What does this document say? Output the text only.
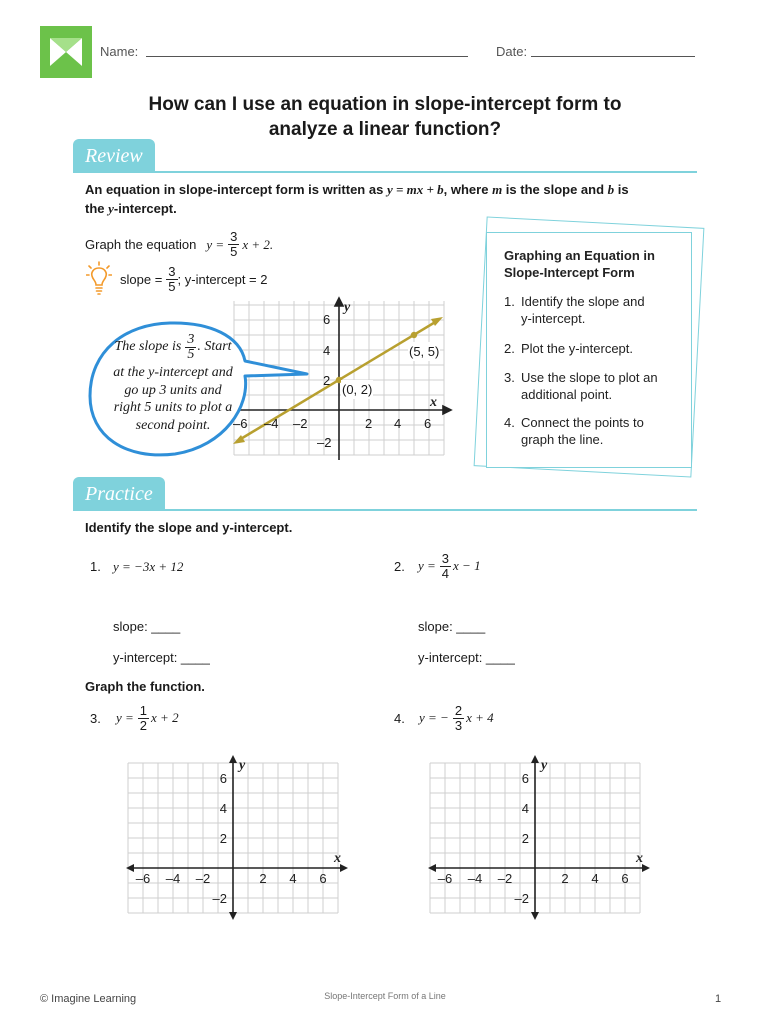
Name:	Date:
How can I use an equation in slope-intercept form to
analyze a linear function?
Review
An equation in slope-intercept form is written as y = mx + b, where m is the slope and b is
the y-intercept.
Graph the equation $y = \frac{3}{5}$ x + 2.
slope = $\frac{3}{5}$ ; y-intercept = 2
6
4
2
–2
y
x
–6 –4 –2	2 4 6
(0, 2)
(5, 5)
The slope is $\frac{3}{5}$ . Start
at the y-intercept and
go up 3 units and
right 5 units to plot a
second point.
Graphing an Equation in
Slope-Intercept Form
1. Identify the slope and
y-intercept.
2. Plot the y-intercept.
3. Use the slope to plot an
additional point.
4. Connect the points to
graph the line.
Practice
Identify the slope and y-intercept.
1. y = −3x + 12	2. $y = \frac{3}{4}$ x − 1
slope: ____
y-intercept: ____
slope: ____
y-intercept: ____
Graph the function.
3. $y = \frac{1}{2}$ x + 2	4. y = − $\frac{2}{3}$ x + 4
–6 –4 –2	2 4 6
6
4
2
–2
y
x
–6 –4 –2	2 4 6
6
4
2
–2
y
x
© Imagine Learning	Slope-Intercept Form of a Line	1
